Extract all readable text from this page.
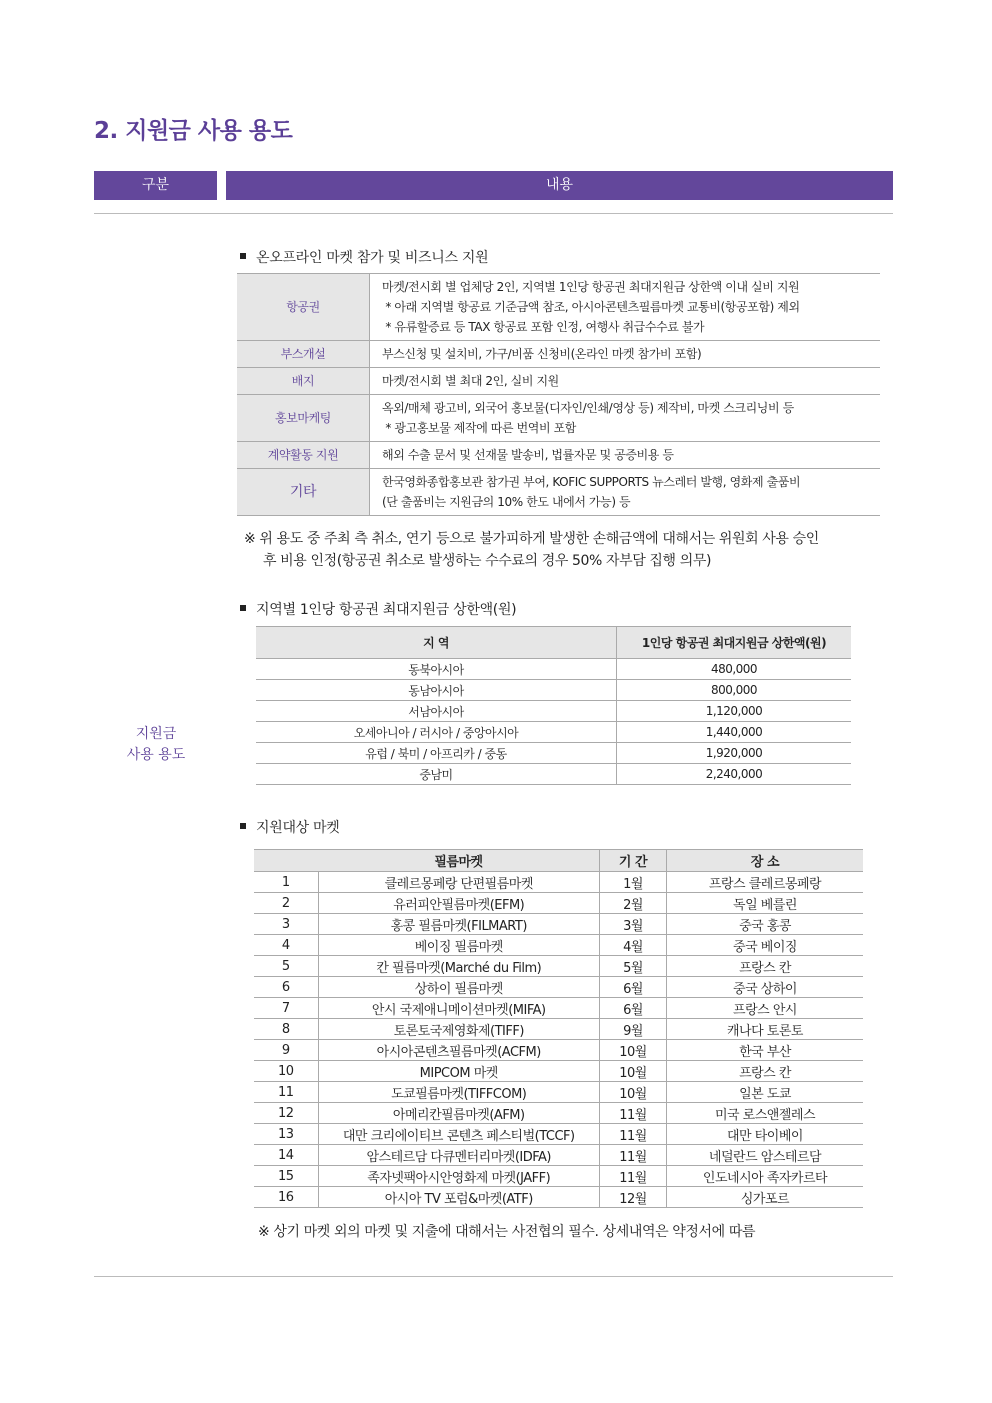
2. 지원금 사용 용도
구분	내용
지원금
사용 용도
온오프라인 마켓 참가 및 비즈니스 지원
항공권	마켓/전시회 별 업체당 2인, 지역별 1인당 항공권 최대지원금 상한액 이내 실비 지원
* 아래 지역별 항공료 기준금액 참조, 아시아콘텐츠필름마켓 교통비(항공포함) 제외
* 유류할증료 등 TAX 항공료 포함 인정, 여행사 취급수수료 불가

부스개설	부스신청 및 설치비, 가구/비품 신청비(온라인 마켓 참가비 포함)

배지	마켓/전시회 별 최대 2인, 실비 지원

홍보마케팅	옥외/매체 광고비, 외국어 홍보물(디자인/인쇄/영상 등) 제작비, 마켓 스크리닝비 등
* 광고홍보물 제작에 따른 번역비 포함

계약활동 지원	해외 수출 문서 및 선재물 발송비, 법률자문 및 공증비용 등

기타	한국영화종합홍보관 참가권 부여, KOFIC SUPPORTS 뉴스레터 발행, 영화제 출품비
(단 출품비는 지원금의 10% 한도 내에서 가능) 등
※ 위 용도 중 주최 측 취소, 연기 등으로 불가피하게 발생한 손해금액에 대해서는 위원회 사용 승인
후 비용 인정(항공권 취소로 발생하는 수수료의 경우 50% 자부담 집행 의무)
지역별 1인당 항공권 최대지원금 상한액(원)
지 역	1인당 항공권 최대지원금 상한액(원)
동북아시아	480,000
동남아시아	800,000
서남아시아	1,120,000
오세아니아 / 러시아 / 중앙아시아	1,440,000
유럽 / 북미 / 아프리카 / 중동	1,920,000
중남미	2,240,000
지원대상 마켓
	필름마켓	기 간	장 소
1	클레르몽페랑 단편필름마켓	1월	프랑스 클레르몽페랑
2	유러피안필름마켓(EFM)	2월	독일 베를린
3	홍콩 필름마켓(FILMART)	3월	중국 홍콩
4	베이징 필름마켓	4월	중국 베이징
5	칸 필름마켓(Marché du Film)	5월	프랑스 칸
6	상하이 필름마켓	6월	중국 상하이
7	안시 국제애니메이션마켓(MIFA)	6월	프랑스 안시
8	토론토국제영화제(TIFF)	9월	캐나다 토론토
9	아시아콘텐츠필름마켓(ACFM)	10월	한국 부산
10	MIPCOM 마켓	10월	프랑스 칸
11	도쿄필름마켓(TIFFCOM)	10월	일본 도쿄
12	아메리칸필름마켓(AFM)	11월	미국 로스앤젤레스
13	대만 크리에이티브 콘텐츠 페스티벌(TCCF)	11월	대만 타이베이
14	암스테르담 다큐멘터리마켓(IDFA)	11월	네덜란드 암스테르담
15	족자넷팩아시안영화제 마켓(JAFF)	11월	인도네시아 족자카르타
16	아시아 TV 포럼&마켓(ATF)	12월	싱가포르
※ 상기 마켓 외의 마켓 및 지출에 대해서는 사전협의 필수. 상세내역은 약정서에 따름
